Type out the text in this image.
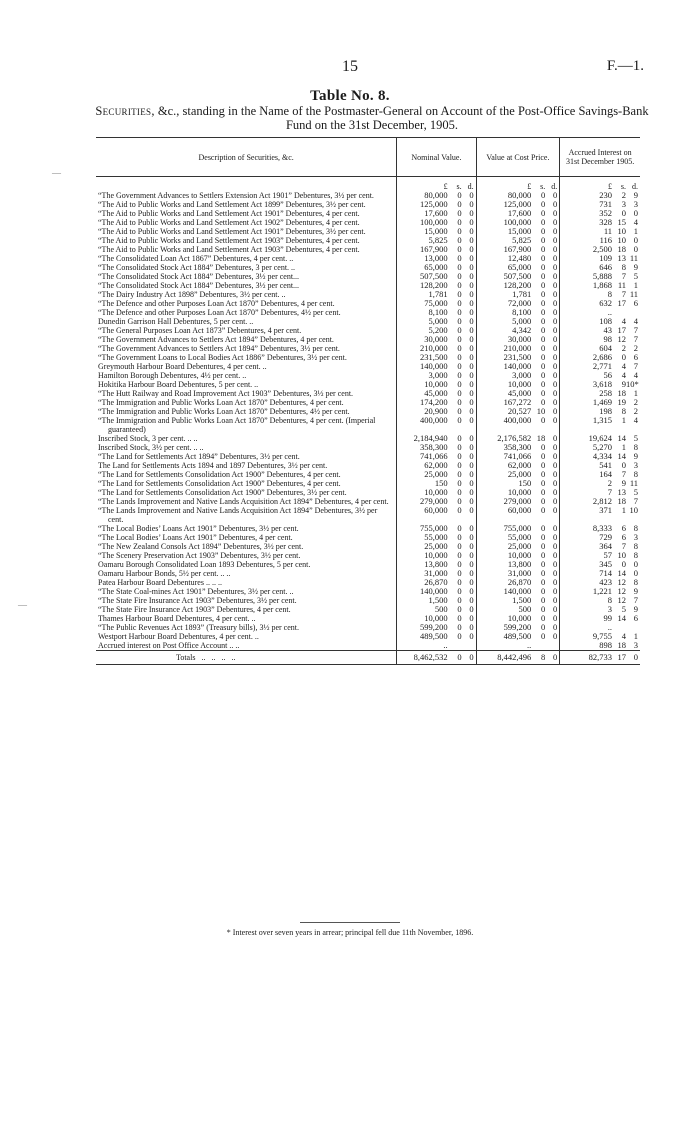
15	F.—1.
Table No. 8.
Securities, &c., standing in the Name of the Postmaster-General on Account of the Post-Office Savings-Bank Fund on the 31st December, 1905.
Description of Securities, &c.	Nominal Value.	Value at Cost Price.	Accrued Interest on 31st December 1905.
	£ s. d.	£ s. d.	£ s. d.
“The Government Advances to Settlers Extension Act 1901” Debentures, 3½ per cent.	80,000 0 0	80,000 0 0	230 2 9
“The Aid to Public Works and Land Settlement Act 1899” Debentures, 3½ per cent.	125,000 0 0	125,000 0 0	731 3 3
“The Aid to Public Works and Land Settlement Act 1901” Debentures, 4 per cent.	17,600 0 0	17,600 0 0	352 0 0
“The Aid to Public Works and Land Settlement Act 1902” Debentures, 4 per cent.	100,000 0 0	100,000 0 0	328 15 4
“The Aid to Public Works and Land Settlement Act 1901” Debentures, 3½ per cent.	15,000 0 0	15,000 0 0	11 10 1
“The Aid to Public Works and Land Settlement Act 1903” Debentures, 4 per cent.	5,825 0 0	5,825 0 0	116 10 0
“The Aid to Public Works and Land Settlement Act 1903” Debentures, 4 per cent.	167,900 0 0	167,900 0 0	2,500 18 0
“The Consolidated Loan Act 1867” Debentures, 4 per cent. ..	13,000 0 0	12,480 0 0	109 13 11
“The Consolidated Stock Act 1884” Debentures, 3 per cent. ..	65,000 0 0	65,000 0 0	646 8 9
“The Consolidated Stock Act 1884” Debentures, 3½ per cent...	507,500 0 0	507,500 0 0	5,888 7 5
“The Consolidated Stock Act 1884” Debentures, 3½ per cent...	128,200 0 0	128,200 0 0	1,868 11 1
“The Dairy Industry Act 1898” Debentures, 3½ per cent. ..	1,781 0 0	1,781 0 0	8 7 11
“The Defence and other Purposes Loan Act 1870” Debentures, 4 per cent.	75,000 0 0	72,000 0 0	632 17 6
“The Defence and other Purposes Loan Act 1870” Debentures, 4½ per cent.	8,100 0 0	8,100 0 0	..
Dunedin Garrison Hall Debentures, 5 per cent. ..	5,000 0 0	5,000 0 0	108 4 4
“The General Purposes Loan Act 1873” Debentures, 4 per cent.	5,200 0 0	4,342 0 0	43 17 7
“The Government Advances to Settlers Act 1894” Debentures, 4 per cent.	30,000 0 0	30,000 0 0	98 12 7
“The Government Advances to Settlers Act 1894” Debentures, 3½ per cent.	210,000 0 0	210,000 0 0	604 2 2
“The Government Loans to Local Bodies Act 1886” Debentures, 3½ per cent.	231,500 0 0	231,500 0 0	2,686 0 6
Greymouth Harbour Board Debentures, 4 per cent. ..	140,000 0 0	140,000 0 0	2,771 4 7
Hamilton Borough Debentures, 4½ per cent. ..	3,000 0 0	3,000 0 0	56 4 4
Hokitika Harbour Board Debentures, 5 per cent. ..	10,000 0 0	10,000 0 0	3,618 910*
“The Hutt Railway and Road Improvement Act 1903” Debentures, 3½ per cent.	45,000 0 0	45,000 0 0	258 18 1
“The Immigration and Public Works Loan Act 1870” Debentures, 4 per cent.	174,200 0 0	167,272 0 0	1,469 19 2
“The Immigration and Public Works Loan Act 1870” Debentures, 4½ per cent.	20,900 0 0	20,527 10 0	198 8 2
“The Immigration and Public Works Loan Act 1870” Debentures, 4 per cent. (Imperial guaranteed)	400,000 0 0	400,000 0 0	1,315 1 4
Inscribed Stock, 3 per cent. .. ..	2,184,940 0 0	2,176,582 18 0	19,624 14 5
Inscribed Stock, 3½ per cent. .. ..	358,300 0 0	358,300 0 0	5,270 1 8
“The Land for Settlements Act 1894” Debentures, 3½ per cent.	741,066 0 0	741,066 0 0	4,334 14 9
The Land for Settlements Acts 1894 and 1897 Debentures, 3½ per cent.	62,000 0 0	62,000 0 0	541 0 3
“The Land for Settlements Consolidation Act 1900” Debentures, 4 per cent.	25,000 0 0	25,000 0 0	164 7 8
“The Land for Settlements Consolidation Act 1900” Debentures, 4 per cent.	150 0 0	150 0 0	2 9 11
“The Land for Settlements Consolidation Act 1900” Debentures, 3½ per cent.	10,000 0 0	10,000 0 0	7 13 5
“The Lands Improvement and Native Lands Acquisition Act 1894” Debentures, 4 per cent.	279,000 0 0	279,000 0 0	2,812 18 7
“The Lands Improvement and Native Lands Acquisition Act 1894” Debentures, 3½ per cent.	60,000 0 0	60,000 0 0	371 1 10
“The Local Bodies’ Loans Act 1901” Debentures, 3½ per cent.	755,000 0 0	755,000 0 0	8,333 6 8
“The Local Bodies’ Loans Act 1901” Debentures, 4 per cent.	55,000 0 0	55,000 0 0	729 6 3
“The New Zealand Consols Act 1894” Debentures, 3½ per cent.	25,000 0 0	25,000 0 0	364 7 8
“The Scenery Preservation Act 1903” Debentures, 3½ per cent.	10,000 0 0	10,000 0 0	57 10 8
Oamaru Borough Consolidated Loan 1893 Debentures, 5 per cent.	13,800 0 0	13,800 0 0	345 0 0
Oamaru Harbour Bonds, 5½ per cent. .. ..	31,000 0 0	31,000 0 0	714 14 0
Patea Harbour Board Debentures .. .. ..	26,870 0 0	26,870 0 0	423 12 8
“The State Coal-mines Act 1901” Debentures, 3½ per cent. ..	140,000 0 0	140,000 0 0	1,221 12 9
“The State Fire Insurance Act 1903” Debentures, 3½ per cent.	1,500 0 0	1,500 0 0	8 12 7
“The State Fire Insurance Act 1903” Debentures, 4 per cent.	500 0 0	500 0 0	3 5 9
Thames Harbour Board Debentures, 4 per cent. ..	10,000 0 0	10,000 0 0	99 14 6
“The Public Revenues Act 1893” (Treasury bills), 3½ per cent.	599,200 0 0	599,200 0 0	..
Westport Harbour Board Debentures, 4 per cent. ..	489,500 0 0	489,500 0 0	9,755 4 1
Accrued interest on Post Office Account .. ..	..	..	898 18 3
Totals   ..   ..   ..   ..	8,462,532 0 0	8,442,496 8 0	82,733 17 0
* Interest over seven years in arrear; principal fell due 11th November, 1896.
—
—
